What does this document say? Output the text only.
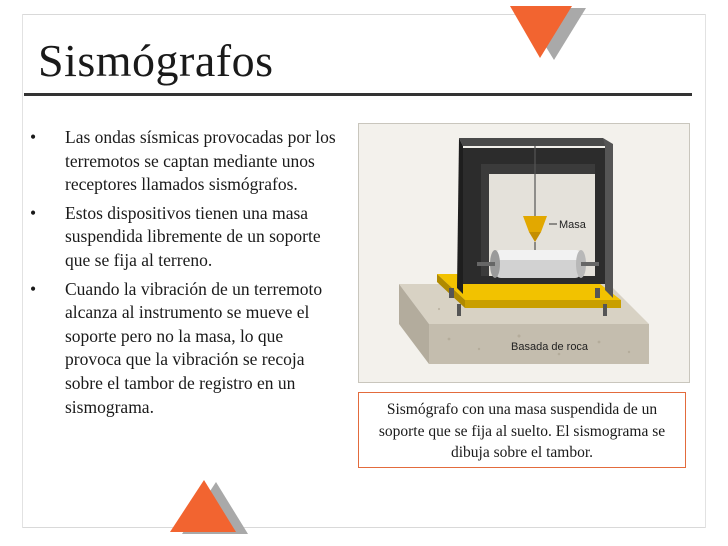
Sismógrafos
• Las ondas sísmicas provocadas por los terremotos se captan mediante unos receptores llamados sismógrafos.
• Estos dispositivos tienen una masa suspendida libremente de un soporte que se fija al terreno.
• Cuando la vibración de un terremoto alcanza al instrumento se mueve el soporte pero no la masa, lo que provoca que la vibración se recoja sobre el tambor de registro en un sismograma.
Masa
Basada de roca
Sismógrafo con una masa suspendida de un soporte que se fija al suelto. El sismograma se dibuja sobre el tambor.
